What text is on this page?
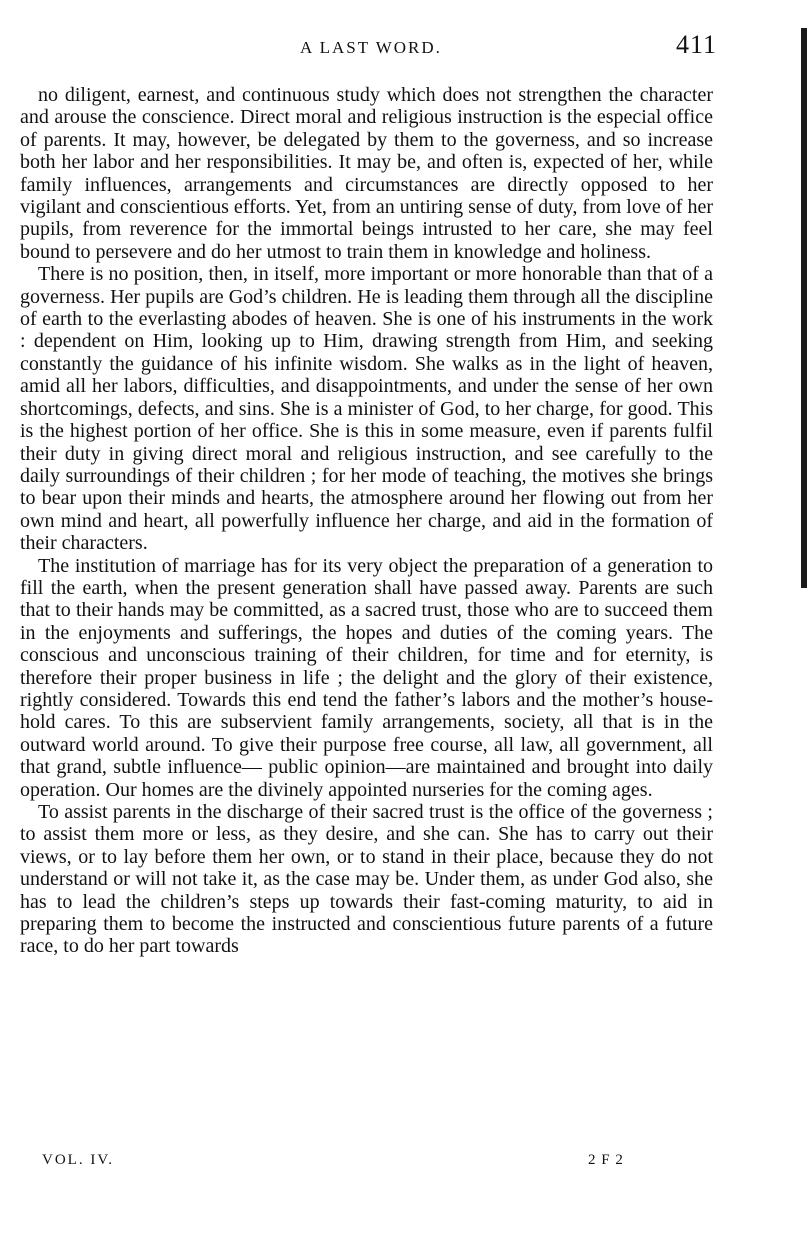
A LAST WORD.	411

no diligent, earnest, and continuous study which does not strengthen the character and arouse the conscience. Direct moral and religious instruction is the especial office of parents. It may, however, be delegated by them to the governess, and so increase both her labor and her responsibilities. It may be, and often is, expected of her, while family influences, arrangements and circumstances are directly opposed to her vigilant and conscientious efforts. Yet, from an untiring sense of duty, from love of her pupils, from reverence for the immortal beings intrusted to her care, she may feel bound to persevere and do her utmost to train them in knowledge and holiness.

There is no position, then, in itself, more important or more honorable than that of a governess. Her pupils are God’s children. He is leading them through all the discipline of earth to the everlasting abodes of heaven. She is one of his instruments in the work : dependent on Him, looking up to Him, drawing strength from Him, and seeking constantly the guidance of his infinite wisdom. She walks as in the light of heaven, amid all her labors, difficulties, and disappointments, and under the sense of her own shortcomings, defects, and sins. She is a minister of God, to her charge, for good. This is the highest portion of her office. She is this in some measure, even if parents fulfil their duty in giving direct moral and religious instruction, and see carefully to the daily surroundings of their children ; for her mode of teaching, the motives she brings to bear upon their minds and hearts, the atmosphere around her flowing out from her own mind and heart, all powerfully influence her charge, and aid in the formation of their characters.

The institution of marriage has for its very object the preparation of a generation to fill the earth, when the present generation shall have passed away. Parents are such that to their hands may be committed, as a sacred trust, those who are to succeed them in the enjoyments and sufferings, the hopes and duties of the coming years. The conscious and unconscious training of their children, for time and for eternity, is therefore their proper business in life ; the delight and the glory of their existence, rightly considered. Towards this end tend the father’s labors and the mother’s household cares. To this are subservient family arrangements, society, all that is in the outward world around. To give their purpose free course, all law, all government, all that grand, subtle influence— public opinion—are maintained and brought into daily operation. Our homes are the divinely appointed nurseries for the coming ages.

To assist parents in the discharge of their sacred trust is the office of the governess ; to assist them more or less, as they desire, and she can. She has to carry out their views, or to lay before them her own, or to stand in their place, because they do not understand or will not take it, as the case may be. Under them, as under God also, she has to lead the children’s steps up towards their fast-coming maturity, to aid in preparing them to become the instructed and conscientious future parents of a future race, to do her part towards

VOL. IV.	2 F 2
